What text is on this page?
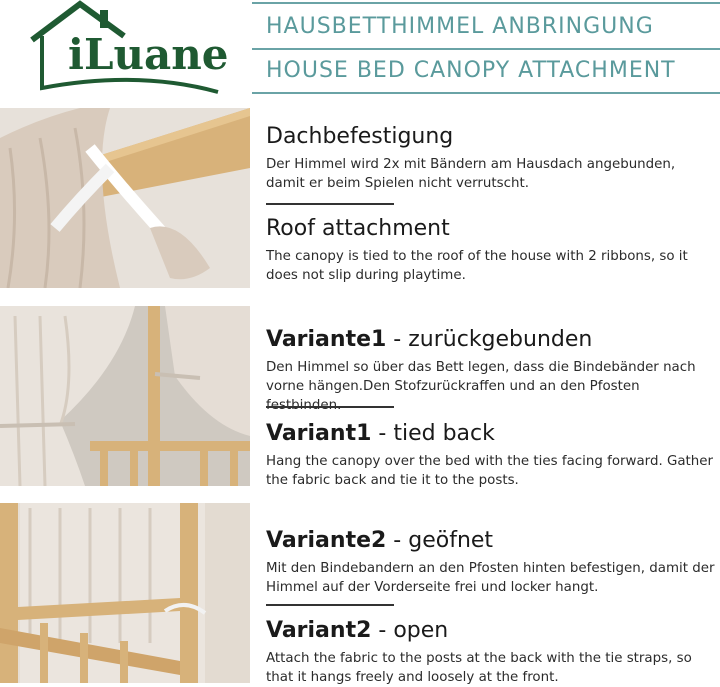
iLuane
HAUSBETTHIMMEL ANBRINGUNG
HOUSE BED CANOPY ATTACHMENT
Dachbefestigung
Der Himmel wird 2x mit Bändern am Hausdach angebunden, damit er beim Spielen nicht verrutscht.
Roof attachment
The canopy is tied to the roof of the house with 2 ribbons, so it does not slip during playtime.
Variante1 - zurückgebunden
Den Himmel so über das Bett legen, dass die Bindebänder nach vorne hängen.Den Stofzurückraffen und an den Pfosten
Variant1 - tied back
Hang the canopy over the bed with the ties facing forward. Gather the fabric back and tie it to the posts.
Variante2 - geöfnet
Mit den Bindebandern an den Pfosten hinten befestigen, damit der Himmel auf der Vorderseite frei und locker hangt.
Variant2 - open
Attach the fabric to the posts at the back with the tie straps, so that it hangs freely and loosely at the front.
